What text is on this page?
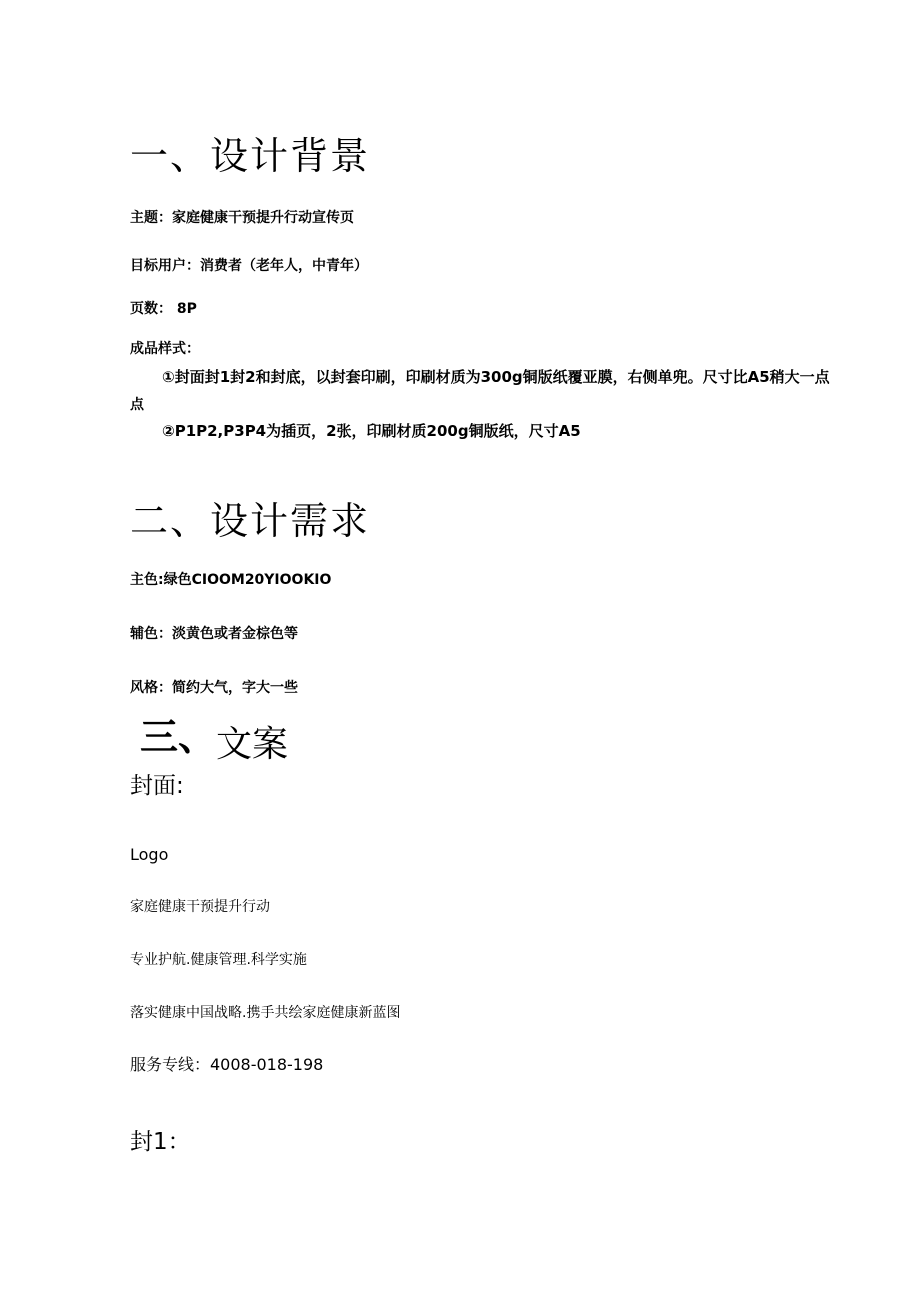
一、设计背景
主题：家庭健康干预提升行动宣传页
目标用户：消费者（老年人，中青年）
页数： 8P
成品样式：
①封面封1封2和封底，以封套印刷，印刷材质为300g铜版纸覆亚膜，右侧单兜。尺寸比A5稍大一点
点
②P1P2,P3P4为插页，2张，印刷材质200g铜版纸，尺寸A5
二、设计需求
主色:绿色CIOOM20YIOOKIO
辅色：淡黄色或者金棕色等
风格：简约大气，字大一些
三、文案
封面:
Logo
家庭健康干预提升行动
专业护航.健康管理.科学实施
落实健康中国战略.携手共绘家庭健康新蓝图
服务专线：4008-018-198
封1：
